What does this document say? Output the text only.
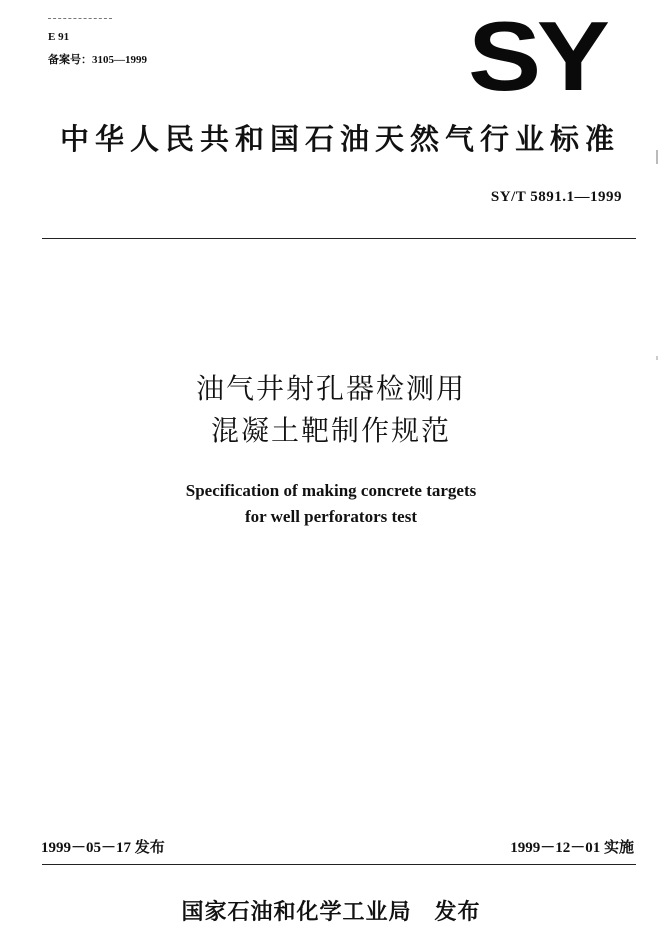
E 91
备案号：3105—1999	SY
中华人民共和国石油天然气行业标准
SY/T 5891.1—1999
油气井射孔器检测用
混凝土靶制作规范
Specification of making concrete targets
for well perforators test
1999－05－17 发布	1999－12－01 实施
国家石油和化学工业局　发布
